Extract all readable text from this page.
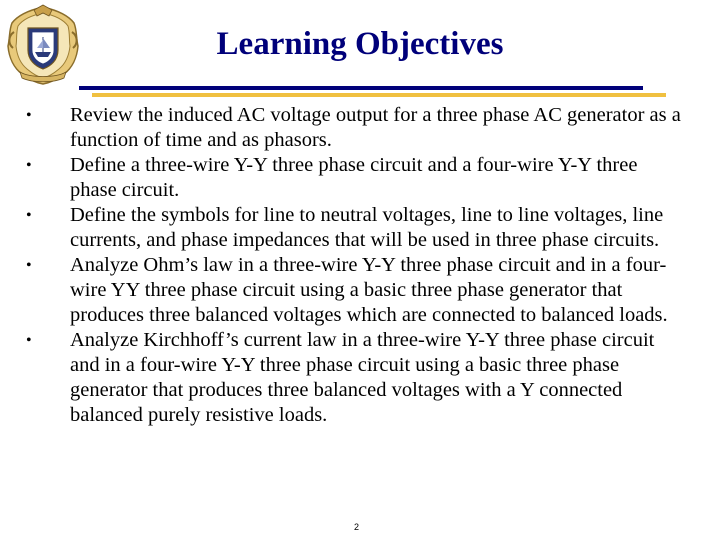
Learning Objectives
• Review the induced AC voltage output for a three phase AC generator as a function of time and as phasors.
• Define a three-wire Y-Y three phase circuit and a four-wire Y-Y three phase circuit.
• Define the symbols for line to neutral voltages, line to line voltages, line currents, and phase impedances that will be used in three phase circuits.
• Analyze Ohm’s law in a three-wire Y-Y three phase circuit and in a four-wire YY three phase circuit using a basic three phase generator that produces three balanced voltages which are connected to balanced loads.
• Analyze Kirchhoff’s current law in a three-wire Y-Y three phase circuit and in a four-wire Y-Y three phase circuit using a basic three phase generator that produces three balanced voltages with a Y connected balanced purely resistive loads.
2
